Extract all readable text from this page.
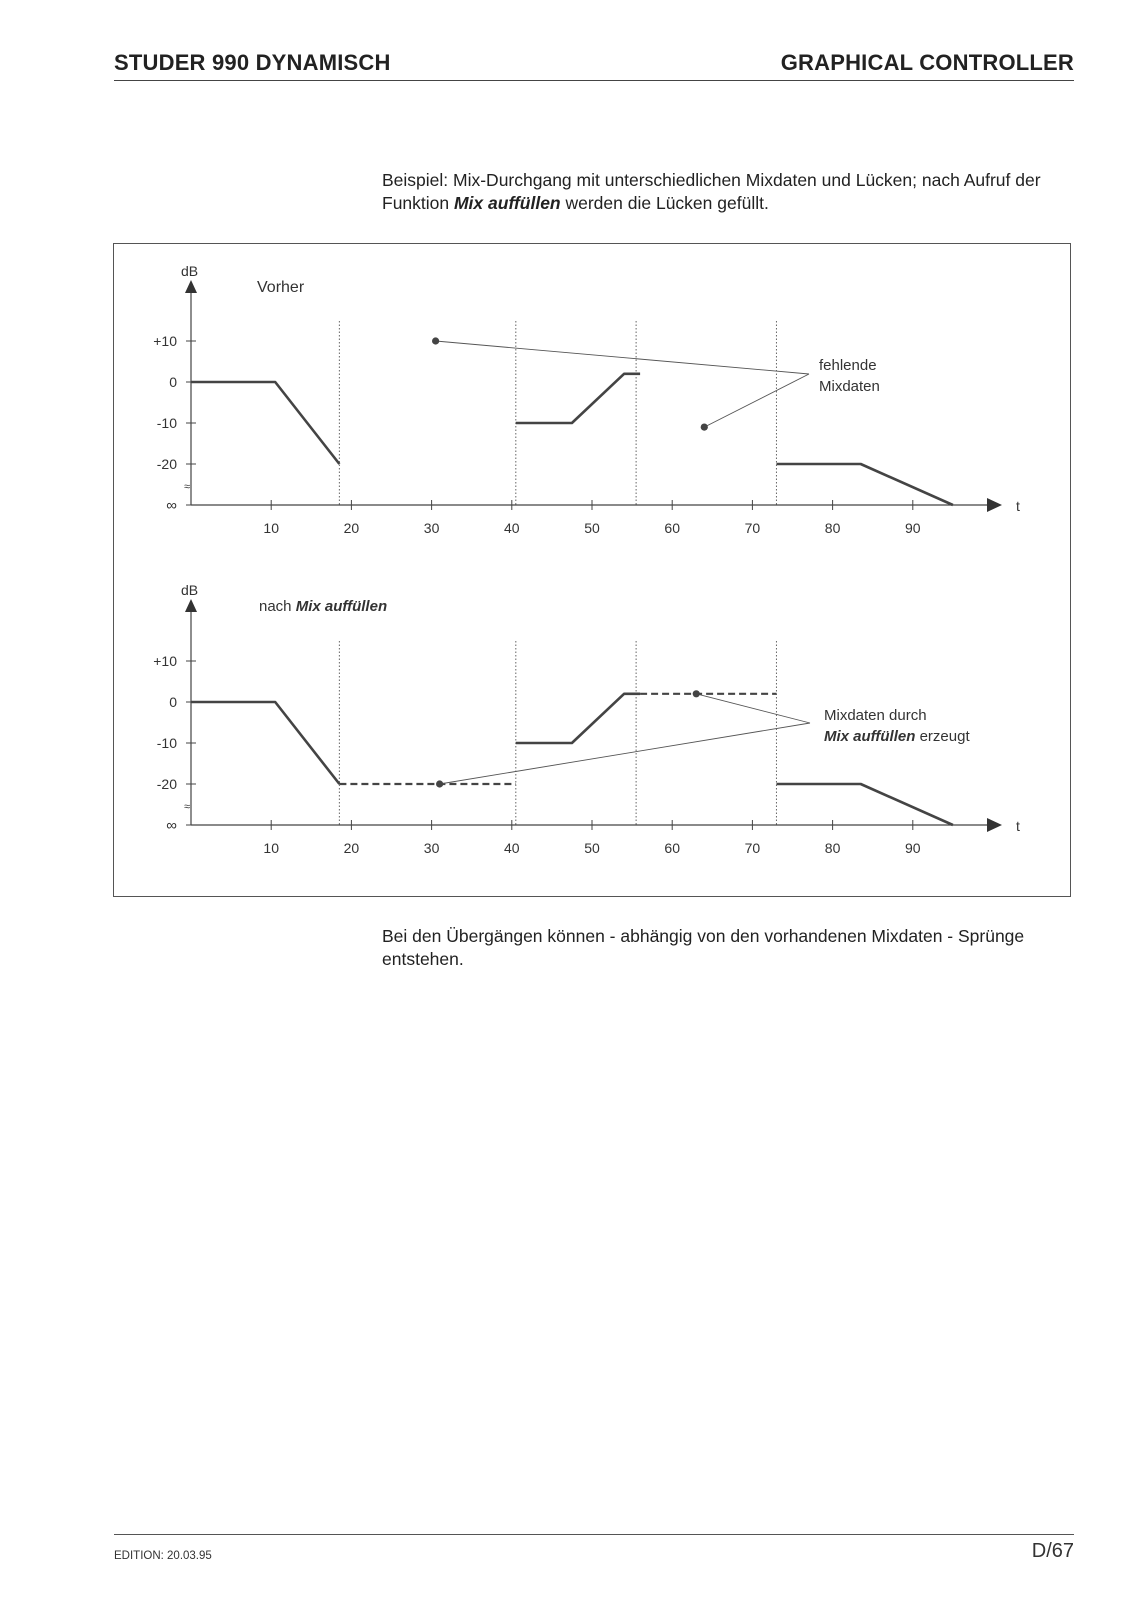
STUDER 990 DYNAMISCH	GRAPHICAL CONTROLLER
Beispiel: Mix-Durchgang mit unterschiedlichen Mixdaten und Lücken; nach Aufruf der Funktion Mix auffüllen werden die Lücken gefüllt.
dB
t
+10
0
-10
-20
∞
≈
10	20	30	40	50	60	70	80	90
Vorher
fehlende
Mixdaten
dB
t
+10
0
-10
-20
∞
≈
10	20	30	40	50	60	70	80	90
nach Mix auffüllen
Mixdaten durch
Mix auffüllen erzeugt
Bei den Übergängen können - abhängig von den vorhandenen Mixdaten - Sprünge entstehen.
EDITION: 20.03.95	D/67
